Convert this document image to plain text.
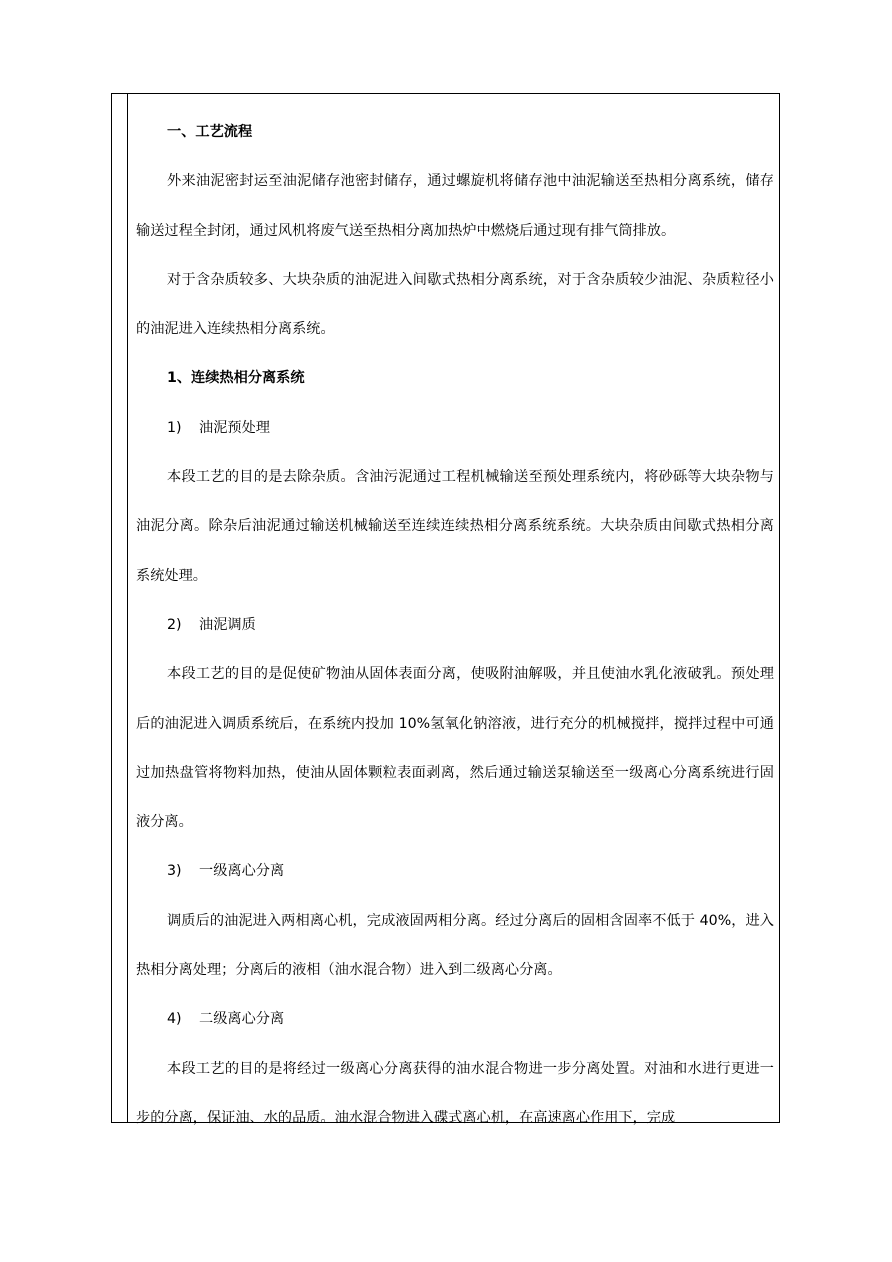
一、工艺流程

外来油泥密封运至油泥储存池密封储存，通过螺旋机将储存池中油泥输送至热相分离系统，储存输送过程全封闭，通过风机将废气送至热相分离加热炉中燃烧后通过现有排气筒排放。

对于含杂质较多、大块杂质的油泥进入间歇式热相分离系统，对于含杂质较少油泥、杂质粒径小的油泥进入连续热相分离系统。

1、连续热相分离系统

1) 油泥预处理

本段工艺的目的是去除杂质。含油污泥通过工程机械输送至预处理系统内，将砂砾等大块杂物与油泥分离。除杂后油泥通过输送机械输送至连续连续热相分离系统系统。大块杂质由间歇式热相分离系统处理。

2) 油泥调质

本段工艺的目的是促使矿物油从固体表面分离，使吸附油解吸，并且使油水乳化液破乳。预处理后的油泥进入调质系统后，在系统内投加 10%氢氧化钠溶液，进行充分的机械搅拌，搅拌过程中可通过加热盘管将物料加热，使油从固体颗粒表面剥离，然后通过输送泵输送至一级离心分离系统进行固液分离。

3) 一级离心分离

调质后的油泥进入两相离心机，完成液固两相分离。经过分离后的固相含固率不低于 40%，进入热相分离处理；分离后的液相（油水混合物）进入到二级离心分离。

4) 二级离心分离

本段工艺的目的是将经过一级离心分离获得的油水混合物进一步分离处置。对油和水进行更进一步的分离，保证油、水的品质。油水混合物进入碟式离心机，在高速离心作用下，完成
